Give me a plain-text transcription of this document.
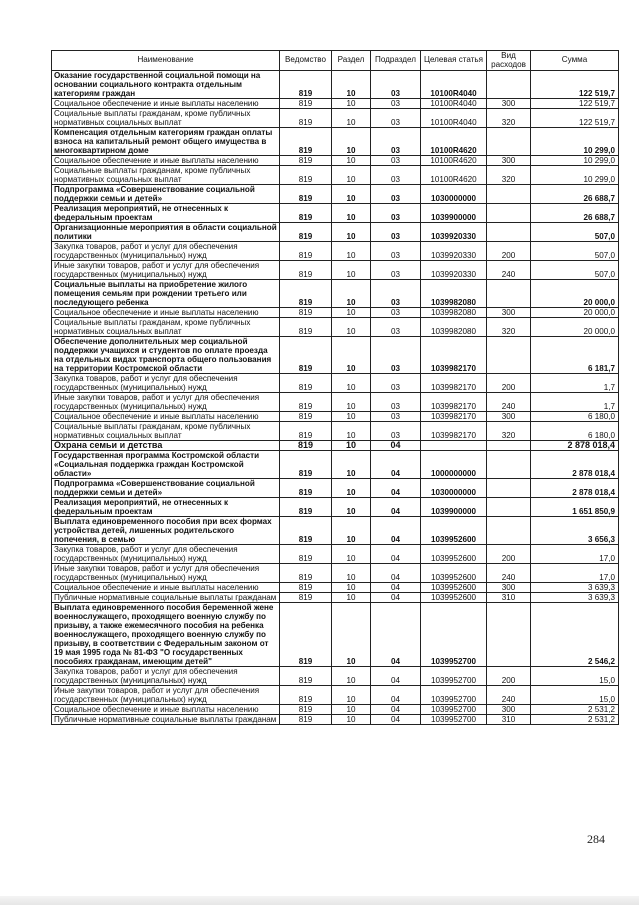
Наименование	Ведомство	Раздел	Подраздел	Целевая статья	Вид расходов	Сумма
Оказание государственной социальной помощи на основании социального контракта отдельным категориям граждан	819	10	03	10100R4040		122 519,7
Социальное обеспечение и иные выплаты населению	819	10	03	10100R4040	300	122 519,7
Социальные выплаты гражданам, кроме публичных нормативных социальных выплат	819	10	03	10100R4040	320	122 519,7
Компенсация отдельным категориям граждан оплаты взноса на капитальный ремонт общего имущества в многоквартирном доме	819	10	03	10100R4620		10 299,0
Социальное обеспечение и иные выплаты населению	819	10	03	10100R4620	300	10 299,0
Социальные выплаты гражданам, кроме публичных нормативных социальных выплат	819	10	03	10100R4620	320	10 299,0
Подпрограмма «Совершенствование социальной поддержки семьи и детей»	819	10	03	1030000000		26 688,7
Реализация мероприятий, не отнесенных к федеральным проектам	819	10	03	1039900000		26 688,7
Организационные мероприятия в области социальной политики	819	10	03	1039920330		507,0
Закупка товаров, работ и услуг для обеспечения государственных (муниципальных) нужд	819	10	03	1039920330	200	507,0
Иные закупки товаров, работ и услуг для обеспечения государственных (муниципальных) нужд	819	10	03	1039920330	240	507,0
Социальные выплаты на приобретение жилого помещения семьям при рождении третьего или последующего ребенка	819	10	03	1039982080		20 000,0
Социальное обеспечение и иные выплаты населению	819	10	03	1039982080	300	20 000,0
Социальные выплаты гражданам, кроме публичных нормативных социальных выплат	819	10	03	1039982080	320	20 000,0
Обеспечение дополнительных мер социальной поддержки учащихся и студентов по оплате проезда на отдельных видах транспорта общего пользования на территории Костромской области	819	10	03	1039982170		6 181,7
Закупка товаров, работ и услуг для обеспечения государственных (муниципальных) нужд	819	10	03	1039982170	200	1,7
Иные закупки товаров, работ и услуг для обеспечения государственных (муниципальных) нужд	819	10	03	1039982170	240	1,7
Социальное обеспечение и иные выплаты населению	819	10	03	1039982170	300	6 180,0
Социальные выплаты гражданам, кроме публичных нормативных социальных выплат	819	10	03	1039982170	320	6 180,0
Охрана семьи и детства	819	10	04			2 878 018,4
Государственная программа Костромской области «Социальная поддержка граждан Костромской области»	819	10	04	1000000000		2 878 018,4
Подпрограмма «Совершенствование социальной поддержки семьи и детей»	819	10	04	1030000000		2 878 018,4
Реализация мероприятий, не отнесенных к федеральным проектам	819	10	04	1039900000		1 651 850,9
Выплата единовременного пособия при всех формах устройства детей, лишенных родительского попечения, в семью	819	10	04	1039952600		3 656,3
Закупка товаров, работ и услуг для обеспечения государственных (муниципальных) нужд	819	10	04	1039952600	200	17,0
Иные закупки товаров, работ и услуг для обеспечения государственных (муниципальных) нужд	819	10	04	1039952600	240	17,0
Социальное обеспечение и иные выплаты населению	819	10	04	1039952600	300	3 639,3
Публичные нормативные социальные выплаты гражданам	819	10	04	1039952600	310	3 639,3
Выплата единовременного пособия беременной жене военнослужащего, проходящего военную службу по призыву, а также ежемесячного пособия на ребенка военнослужащего, проходящего военную службу по призыву, в соответствии с Федеральным законом от 19 мая 1995 года № 81-ФЗ "О государственных пособиях гражданам, имеющим детей"	819	10	04	1039952700		2 546,2
Закупка товаров, работ и услуг для обеспечения государственных (муниципальных) нужд	819	10	04	1039952700	200	15,0
Иные закупки товаров, работ и услуг для обеспечения государственных (муниципальных) нужд	819	10	04	1039952700	240	15,0
Социальное обеспечение и иные выплаты населению	819	10	04	1039952700	300	2 531,2
Публичные нормативные социальные выплаты гражданам	819	10	04	1039952700	310	2 531,2
284
